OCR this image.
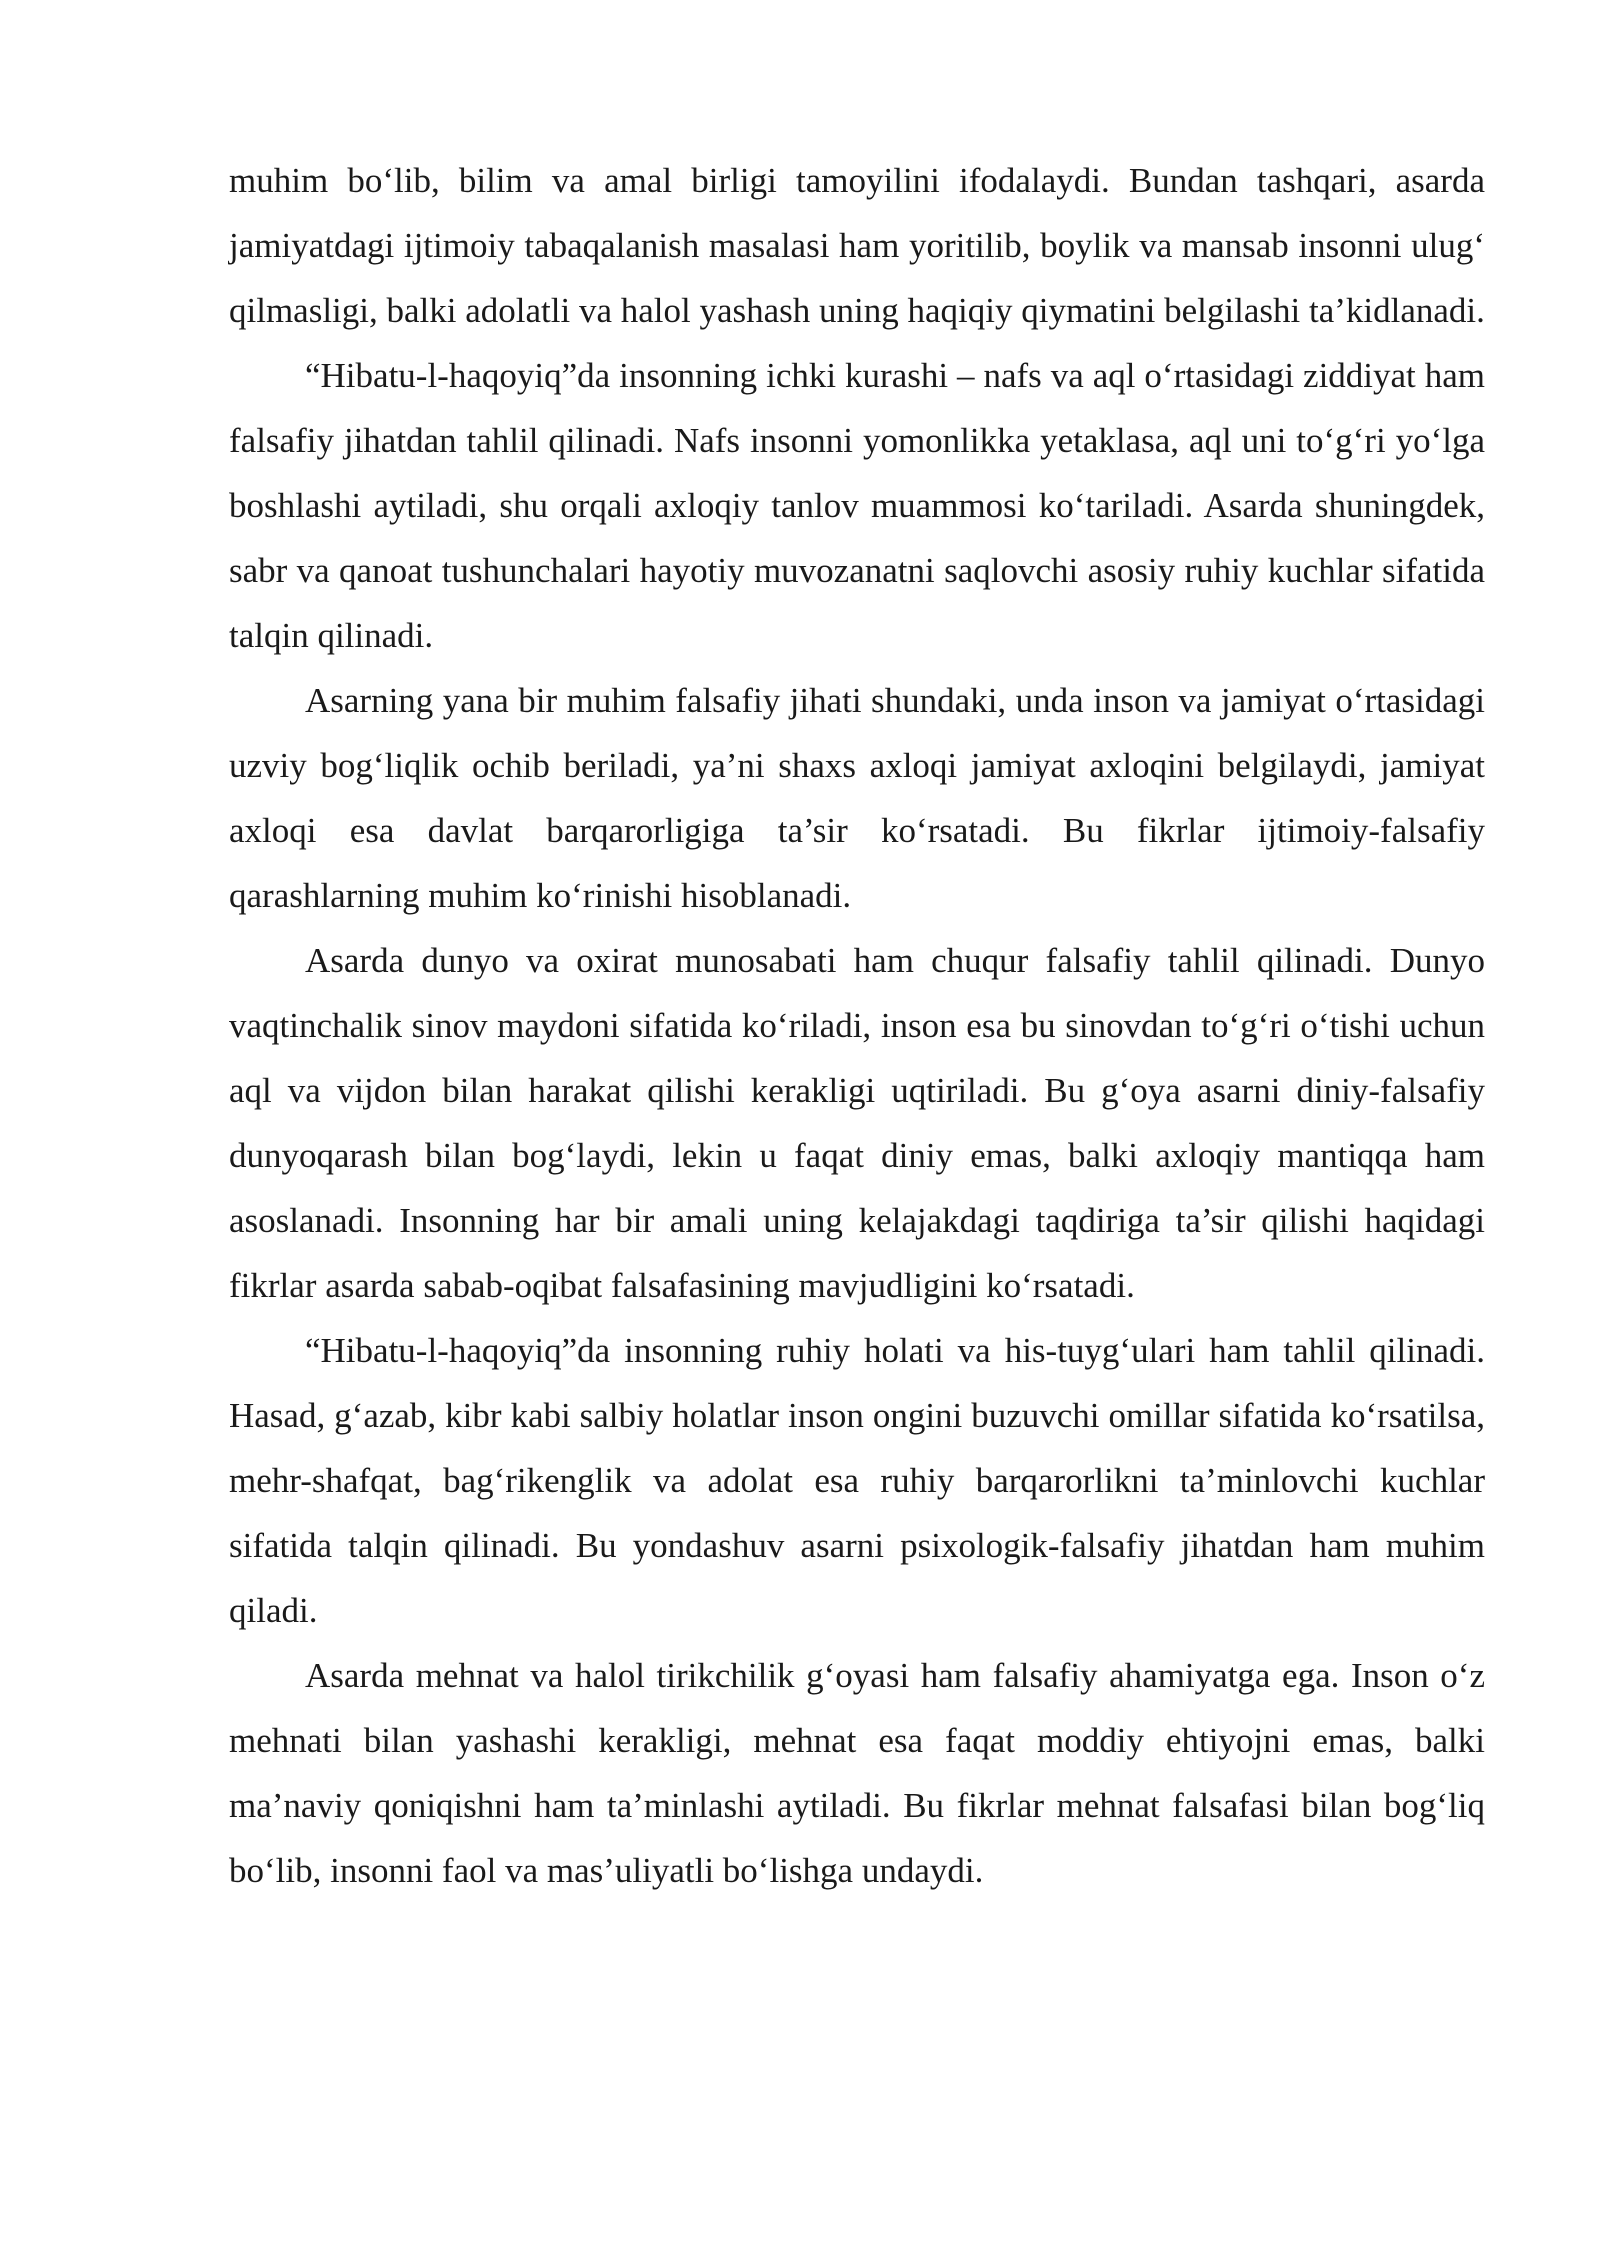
muhim bo‘lib, bilim va amal birligi tamoyilini ifodalaydi. Bundan tashqari, asarda jamiyatdagi ijtimoiy tabaqalanish masalasi ham yoritilib, boylik va mansab insonni ulug‘ qilmasligi, balki adolatli va halol yashash uning haqiqiy qiymatini belgilashi ta’kidlanadi.

“Hibatu-l-haqoyiq”da insonning ichki kurashi – nafs va aql o‘rtasidagi ziddiyat ham falsafiy jihatdan tahlil qilinadi. Nafs insonni yomonlikka yetaklasa, aql uni to‘g‘ri yo‘lga boshlashi aytiladi, shu orqali axloqiy tanlov muammosi ko‘tariladi. Asarda shuningdek, sabr va qanoat tushunchalari hayotiy muvozanatni saqlovchi asosiy ruhiy kuchlar sifatida talqin qilinadi.

Asarning yana bir muhim falsafiy jihati shundaki, unda inson va jamiyat o‘rtasidagi uzviy bog‘liqlik ochib beriladi, ya’ni shaxs axloqi jamiyat axloqini belgilaydi, jamiyat axloqi esa davlat barqarorligiga ta’sir ko‘rsatadi. Bu fikrlar ijtimoiy-falsafiy qarashlarning muhim ko‘rinishi hisoblanadi.

Asarda dunyo va oxirat munosabati ham chuqur falsafiy tahlil qilinadi. Dunyo vaqtinchalik sinov maydoni sifatida ko‘riladi, inson esa bu sinovdan to‘g‘ri o‘tishi uchun aql va vijdon bilan harakat qilishi kerakligi uqtiriladi. Bu g‘oya asarni diniy-falsafiy dunyoqarash bilan bog‘laydi, lekin u faqat diniy emas, balki axloqiy mantiqqa ham asoslanadi. Insonning har bir amali uning kelajakdagi taqdiriga ta’sir qilishi haqidagi fikrlar asarda sabab-oqibat falsafasining mavjudligini ko‘rsatadi.

“Hibatu-l-haqoyiq”da insonning ruhiy holati va his-tuyg‘ulari ham tahlil qilinadi. Hasad, g‘azab, kibr kabi salbiy holatlar inson ongini buzuvchi omillar sifatida ko‘rsatilsa, mehr-shafqat, bag‘rikenglik va adolat esa ruhiy barqarorlikni ta’minlovchi kuchlar sifatida talqin qilinadi. Bu yondashuv asarni psixologik-falsafiy jihatdan ham muhim qiladi.

Asarda mehnat va halol tirikchilik g‘oyasi ham falsafiy ahamiyatga ega. Inson o‘z mehnati bilan yashashi kerakligi, mehnat esa faqat moddiy ehtiyojni emas, balki ma’naviy qoniqishni ham ta’minlashi aytiladi. Bu fikrlar mehnat falsafasi bilan bog‘liq bo‘lib, insonni faol va mas’uliyatli bo‘lishga undaydi.
